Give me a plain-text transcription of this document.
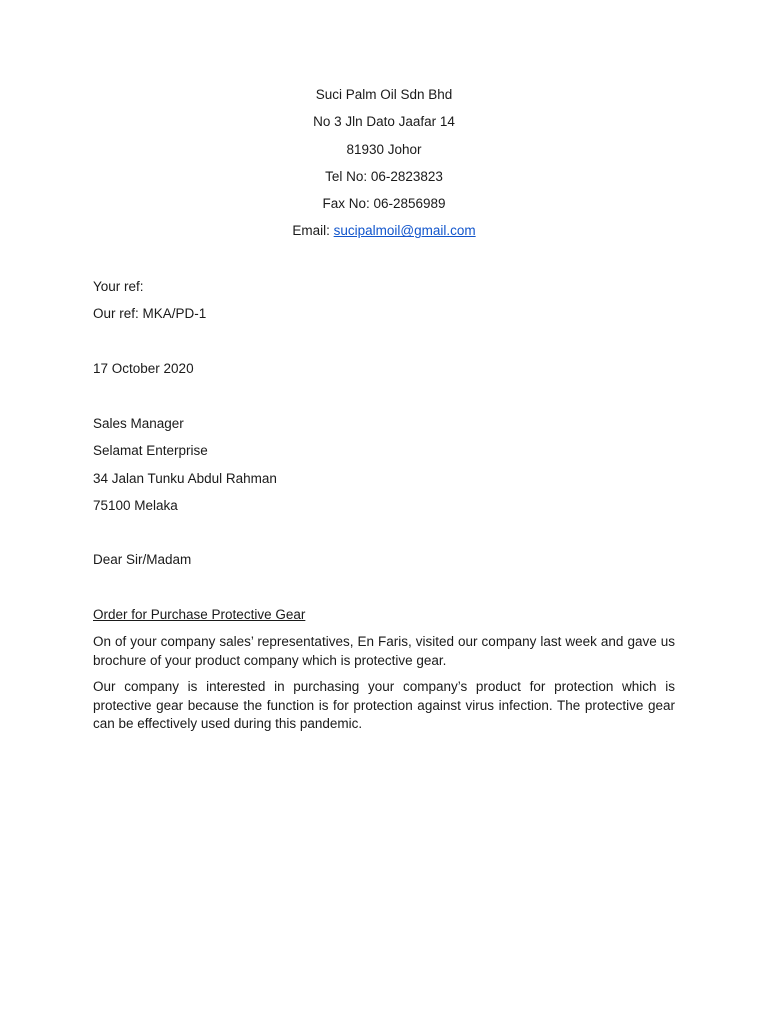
Suci Palm Oil Sdn Bhd
No 3 Jln Dato Jaafar 14
81930 Johor
Tel No: 06-2823823
Fax No: 06-2856989
Email: sucipalmoil@gmail.com
Your ref:
Our ref: MKA/PD-1
17 October 2020
Sales Manager
Selamat Enterprise
34 Jalan Tunku Abdul Rahman
75100 Melaka
Dear Sir/Madam
Order for Purchase Protective Gear

On of your company sales’ representatives, En Faris, visited our company last week and gave us brochure of your product company which is protective gear.

Our company is interested in purchasing your company’s product for protection which is protective gear because the function is for protection against virus infection. The protective gear can be effectively used during this pandemic.
